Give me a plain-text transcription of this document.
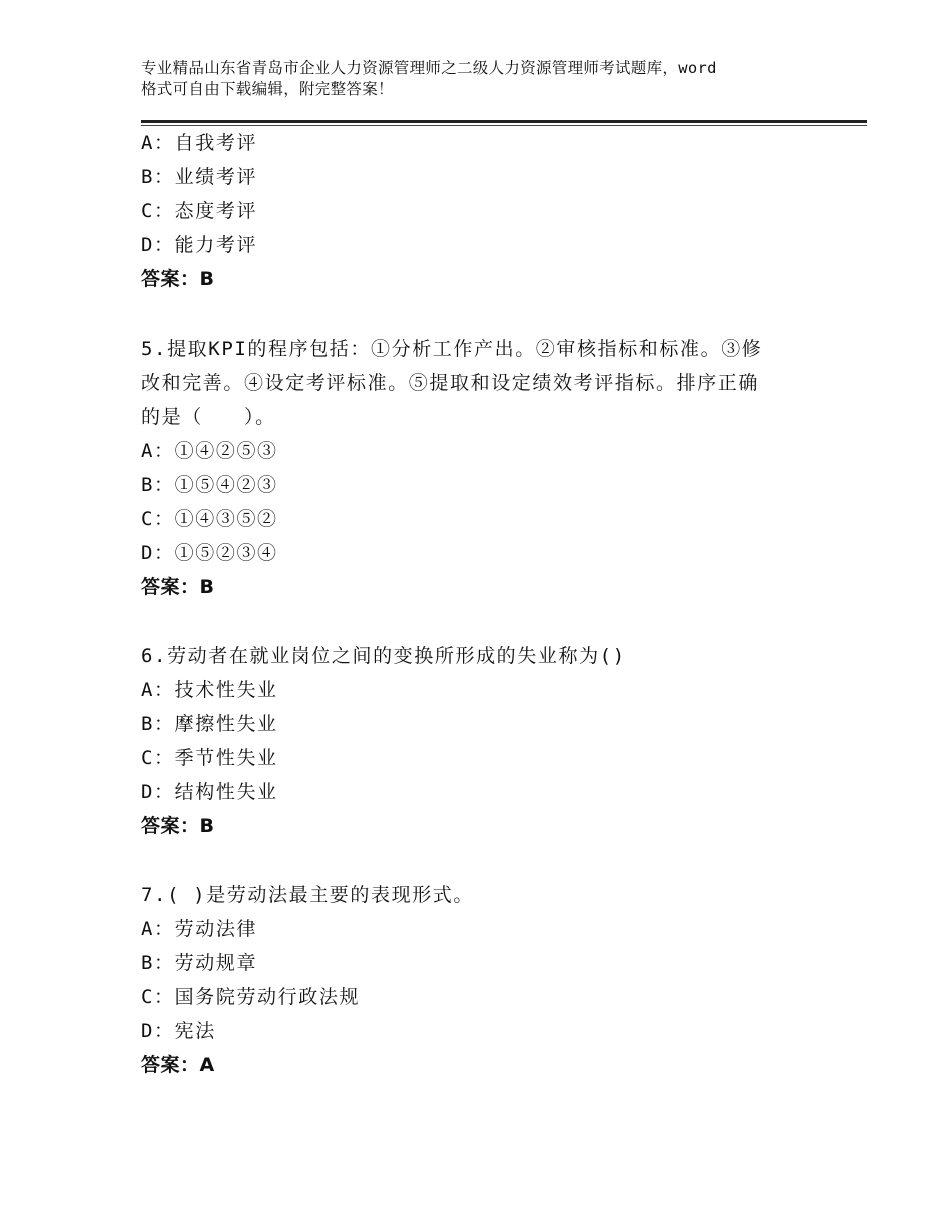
专业精品山东省青岛市企业人力资源管理师之二级人力资源管理师考试题库，word
格式可自由下载编辑，附完整答案！
A：自我考评
B：业绩考评
C：态度考评
D：能力考评
答案：B
5.提取KPI的程序包括：①分析工作产出。②审核指标和标准。③修
改和完善。④设定考评标准。⑤提取和设定绩效考评指标。排序正确
的是（　　）。
A：①④②⑤③
B：①⑤④②③
C：①④③⑤②
D：①⑤②③④
答案：B
6.劳动者在就业岗位之间的变换所形成的失业称为()
A：技术性失业
B：摩擦性失业
C：季节性失业
D：结构性失业
答案：B
7.( )是劳动法最主要的表现形式。
A：劳动法律
B：劳动规章
C：国务院劳动行政法规
D：宪法
答案：A
